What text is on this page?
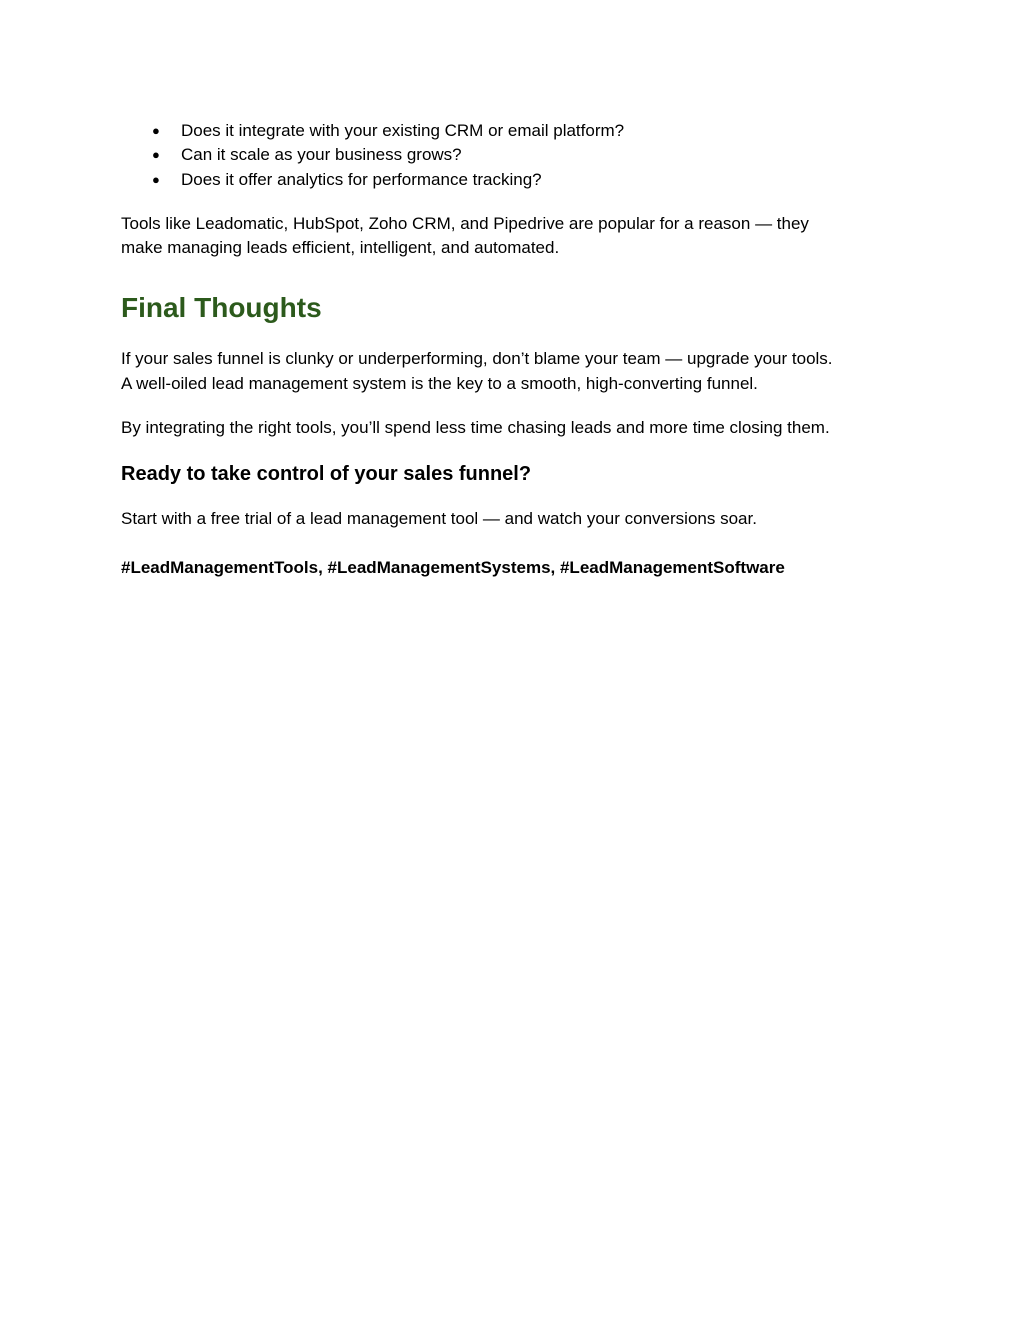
● Does it integrate with your existing CRM or email platform?
● Can it scale as your business grows?
● Does it offer analytics for performance tracking?

Tools like Leadomatic, HubSpot, Zoho CRM, and Pipedrive are popular for a reason — they
make managing leads efficient, intelligent, and automated.

Final Thoughts

If your sales funnel is clunky or underperforming, don’t blame your team — upgrade your tools.
A well-oiled lead management system is the key to a smooth, high-converting funnel.

By integrating the right tools, you’ll spend less time chasing leads and more time closing them.

Ready to take control of your sales funnel?

Start with a free trial of a lead management tool — and watch your conversions soar.

#LeadManagementTools, #LeadManagementSystems, #LeadManagementSoftware
